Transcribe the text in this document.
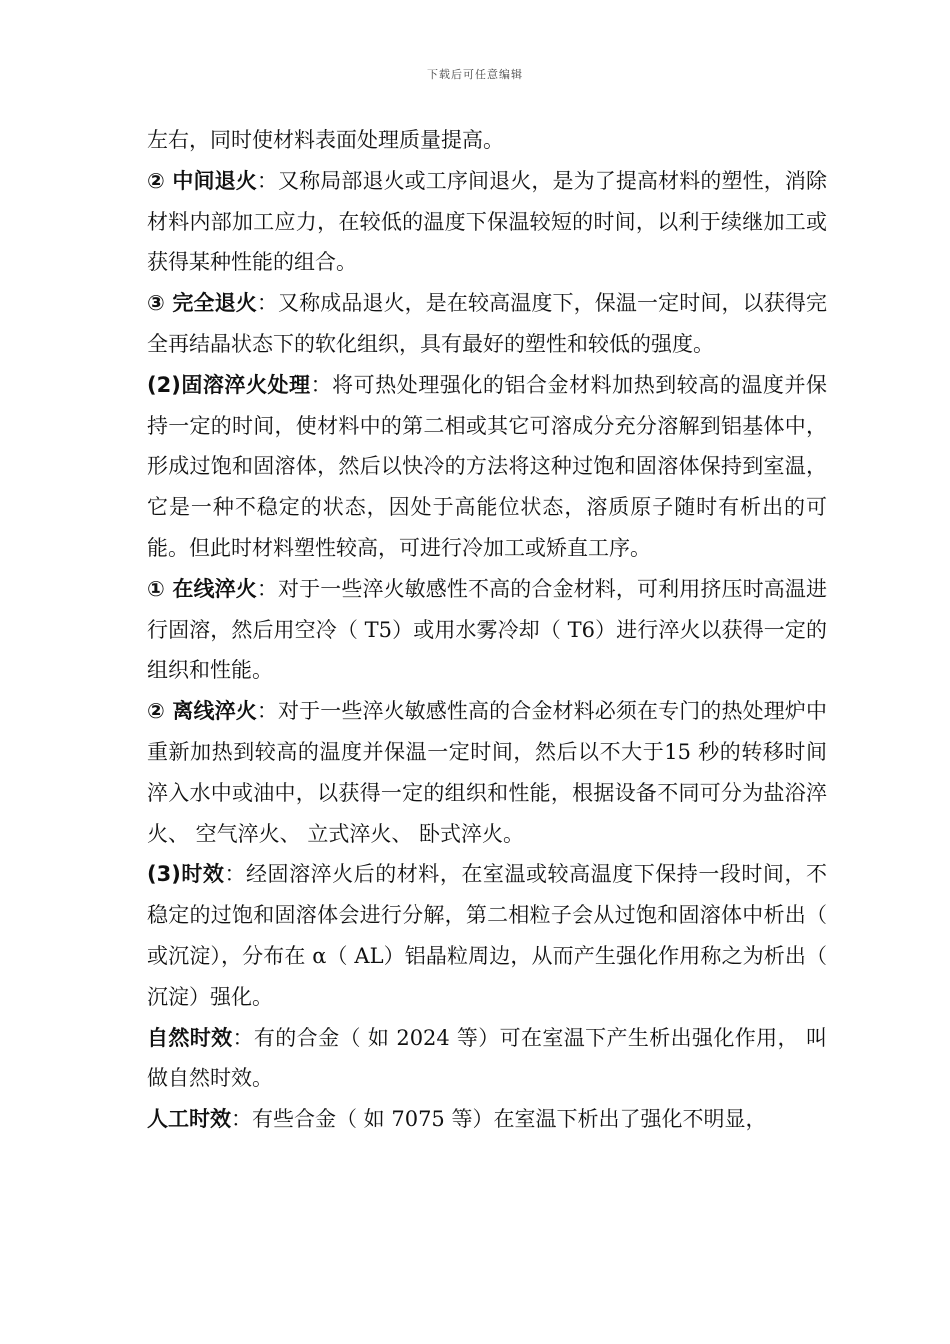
下载后可任意编辑

左右，同时使材料表面处理质量提高。

② 中间退火：又称局部退火或工序间退火，是为了提高材料的塑性，消除材料内部加工应力，在较低的温度下保温较短的时间，以利于续继加工或获得某种性能的组合。

③ 完全退火：又称成品退火，是在较高温度下，保温一定时间，以获得完全再结晶状态下的软化组织，具有最好的塑性和较低的强度。

(2)固溶淬火处理：将可热处理强化的铝合金材料加热到较高的温度并保持一定的时间，使材料中的第二相或其它可溶成分充分溶解到铝基体中，形成过饱和固溶体，然后以快冷的方法将这种过饱和固溶体保持到室温，它是一种不稳定的状态，因处于高能位状态，溶质原子随时有析出的可能。但此时材料塑性较高，可进行冷加工或矫直工序。

① 在线淬火：对于一些淬火敏感性不高的合金材料，可利用挤压时高温进行固溶，然后用空冷（ T5）或用水雾冷却（ T6）进行淬火以获得一定的组织和性能。

② 离线淬火：对于一些淬火敏感性高的合金材料必须在专门的热处理炉中重新加热到较高的温度并保温一定时间，然后以不大于15 秒的转移时间淬入水中或油中，以获得一定的组织和性能，根据设备不同可分为盐浴淬火、 空气淬火、 立式淬火、 卧式淬火。

(3)时效：经固溶淬火后的材料，在室温或较高温度下保持一段时间，不稳定的过饱和固溶体会进行分解，第二相粒子会从过饱和固溶体中析出（ 或沉淀），分布在 α（ AL）铝晶粒周边，从而产生强化作用称之为析出（ 沉淀）强化。

自然时效：有的合金（ 如 2024 等）可在室温下产生析出强化作用， 叫做自然时效。

人工时效：有些合金（ 如 7075 等）在室温下析出了强化不明显，
